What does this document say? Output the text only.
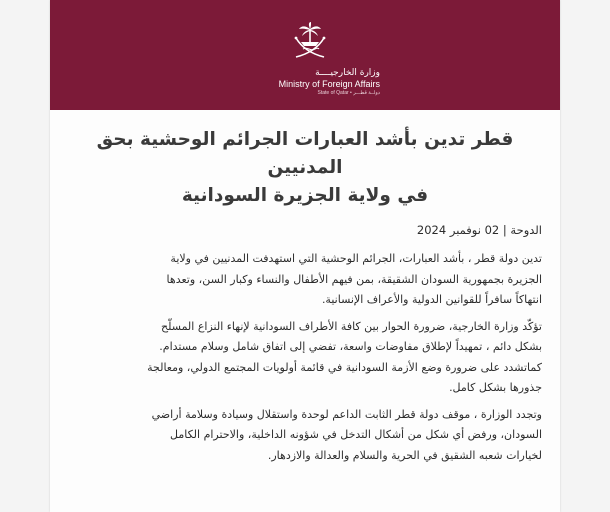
وزارة الخارجيــــة
Ministry of Foreign Affairs
State of Qatar • دولــة قطـــر
قطر تدين بأشد العبارات الجرائم الوحشية بحق المدنيين
في ولاية الجزيرة السودانية
الدوحة | 02 نوفمبر 2024

تدين دولة قطر ، بأشد العبارات، الجرائم الوحشية التي استهدفت المدنيين في ولاية
الجزيرة بجمهورية السودان الشقيقة، بمن فيهم الأطفال والنساء وكبار السن، وتعدها
انتهاكاً سافراً للقوانين الدولية والأعراف الإنسانية.

تؤكّد وزارة الخارجية، ضرورة الحوار بين كافة الأطراف السودانية لإنهاء النزاع المسلّح
بشكل دائم ، تمهيداً لإطلاق مفاوضات واسعة، تفضي إلى اتفاق شامل وسلام مستدام.
كماتشدد على ضرورة وضع الأزمة السودانية في قائمة أولويات المجتمع الدولي، ومعالجة
جذورها بشكل كامل.

وتجدد الوزارة ، موقف دولة قطر الثابت الداعم لوحدة واستقلال وسيادة وسلامة أراضي
السودان، ورفض أي شكل من أشكال التدخل في شؤونه الداخلية، والاحترام الكامل
لخيارات شعبه الشقيق في الحرية والسلام والعدالة والازدهار.
